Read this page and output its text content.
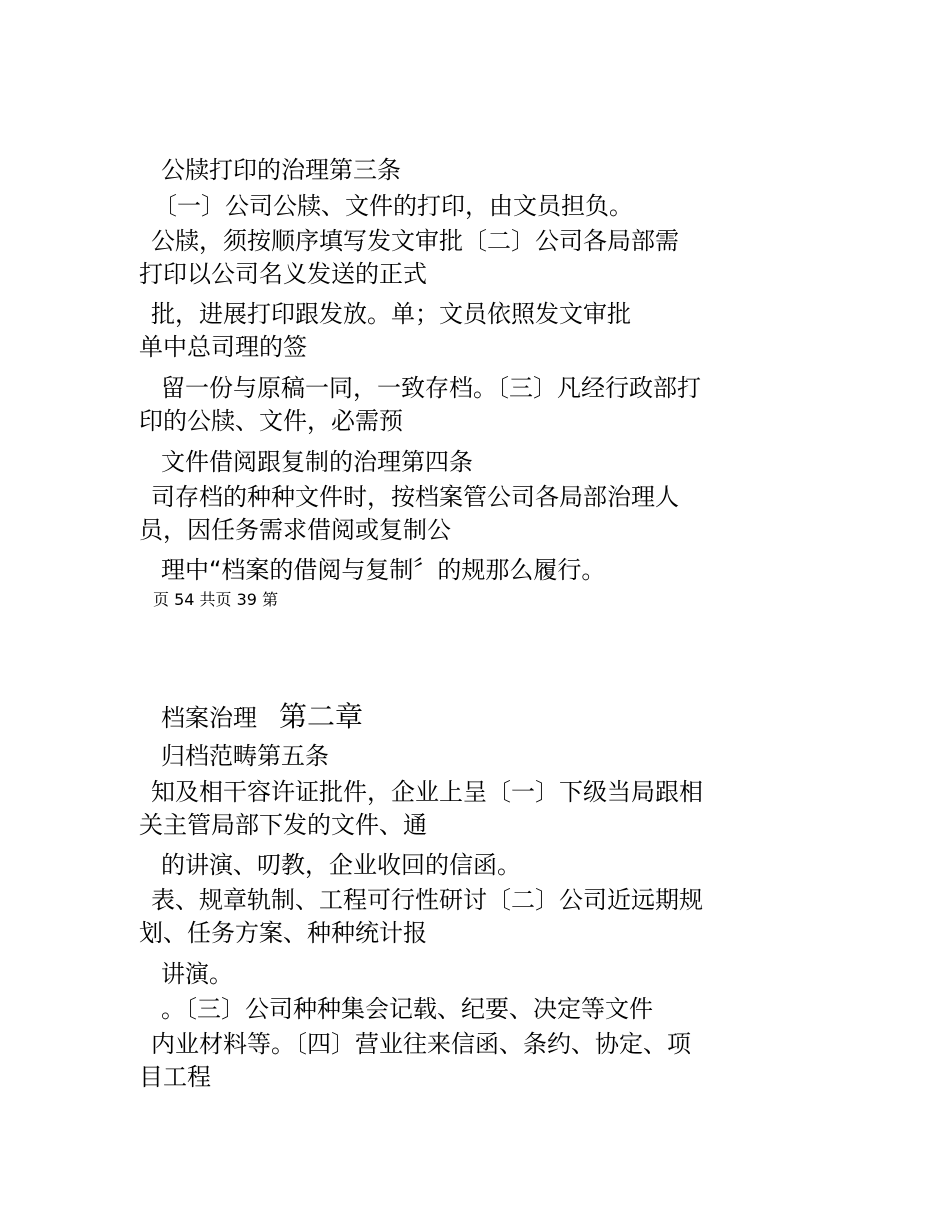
公牍打印的治理第三条
〔一〕公司公牍、文件的打印，由文员担负。
公牍，须按顺序填写发文审批〔二〕公司各局部需
打印以公司名义发送的正式
批，进展打印跟发放。单；文员依照发文审批
单中总司理的签
留一份与原稿一同，一致存档。〔三〕凡经行政部打
印的公牍、文件，必需预
文件借阅跟复制的治理第四条
司存档的种种文件时，按档案管公司各局部治理人
员，因任务需求借阅或复制公
理中“档案的借阅与复制〞的规那么履行。
页 54 共页 39 第
档案治理 第二章
归档范畴第五条
知及相干容许证批件，企业上呈〔一〕下级当局跟相
关主管局部下发的文件、通
的讲演、叨教，企业收回的信函。
表、规章轨制、工程可行性研讨〔二〕公司近远期规
划、任务方案、种种统计报
讲演。
。〔三〕公司种种集会记载、纪要、决定等文件
内业材料等。〔四〕营业往来信函、条约、协定、项
目工程
